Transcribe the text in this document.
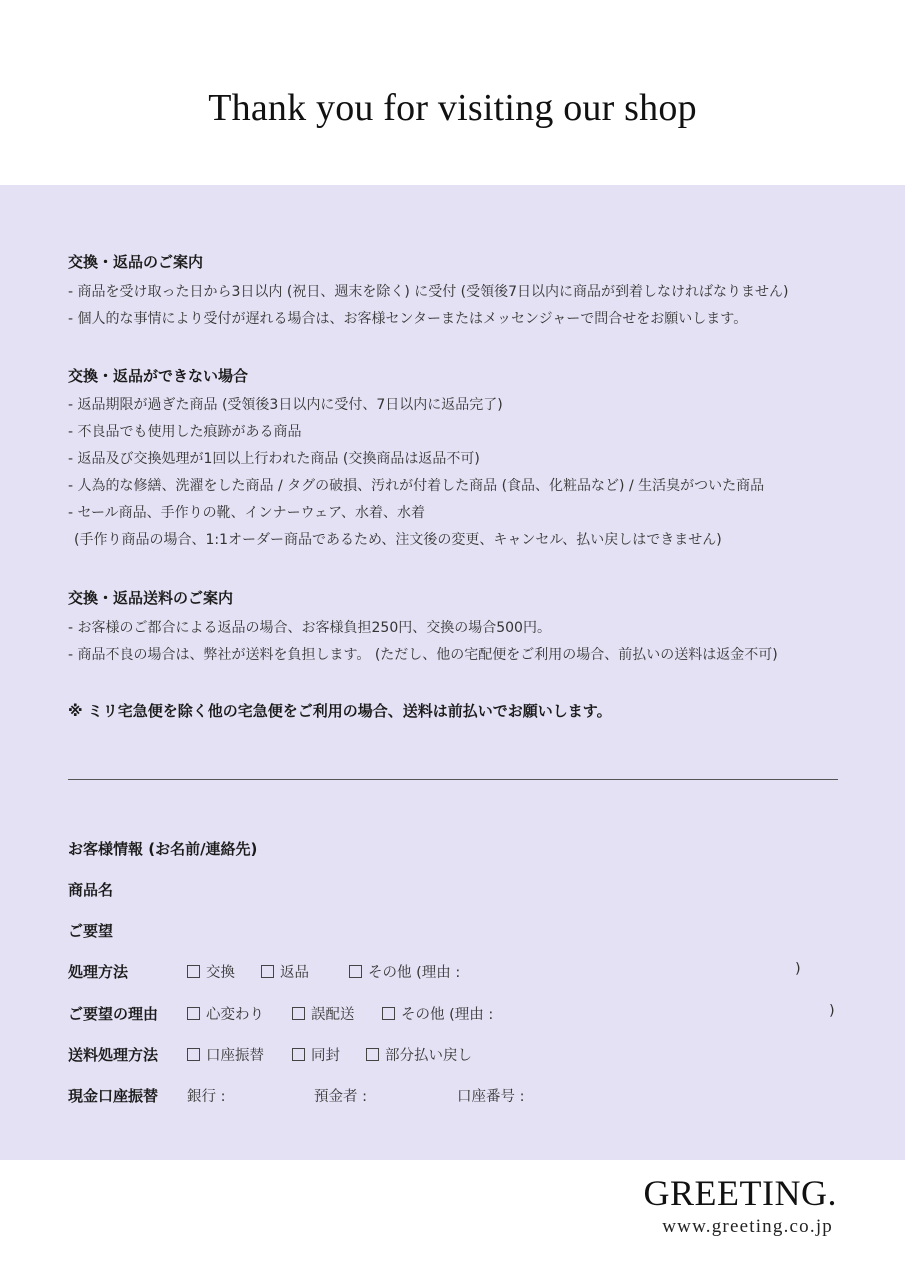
Thank you for visiting our shop
交換・返品のご案内

- 商品を受け取った日から3日以内 (祝日、週末を除く) に受付 (受領後7日以内に商品が到着しなければなりません)

- 個人的な事情により受付が遅れる場合は、お客様センターまたはメッセンジャーで問合せをお願いします。

交換・返品ができない場合

- 返品期限が過ぎた商品 (受領後3日以内に受付、7日以内に返品完了)

- 不良品でも使用した痕跡がある商品

- 返品及び交換処理が1回以上行われた商品 (交換商品は返品不可)

- 人為的な修繕、洗濯をした商品 / タグの破損、汚れが付着した商品 (食品、化粧品など) / 生活臭がついた商品

- セール商品、手作りの靴、インナーウェア、水着、水着

(手作り商品の場合、1:1オーダー商品であるため、注文後の変更、キャンセル、払い戻しはできません)

交換・返品送料のご案内

- お客様のご都合による返品の場合、お客様負担250円、交換の場合500円。

- 商品不良の場合は、弊社が送料を負担します。 (ただし、他の宅配便をご利用の場合、前払いの送料は返金不可)

※ ミリ宅急便を除く他の宅急便をご利用の場合、送料は前払いでお願いします。
お客様情報 (お名前/連絡先)
商品名
ご要望
処理方法	交換	返品	その他 (理由 :	)
ご要望の理由	心変わり	誤配送	その他 (理由 :	)
送料処理方法	口座振替	同封	部分払い戻し
現金口座振替 銀行 :	預金者 :	口座番号 :
GREETING.
www.greeting.co.jp
